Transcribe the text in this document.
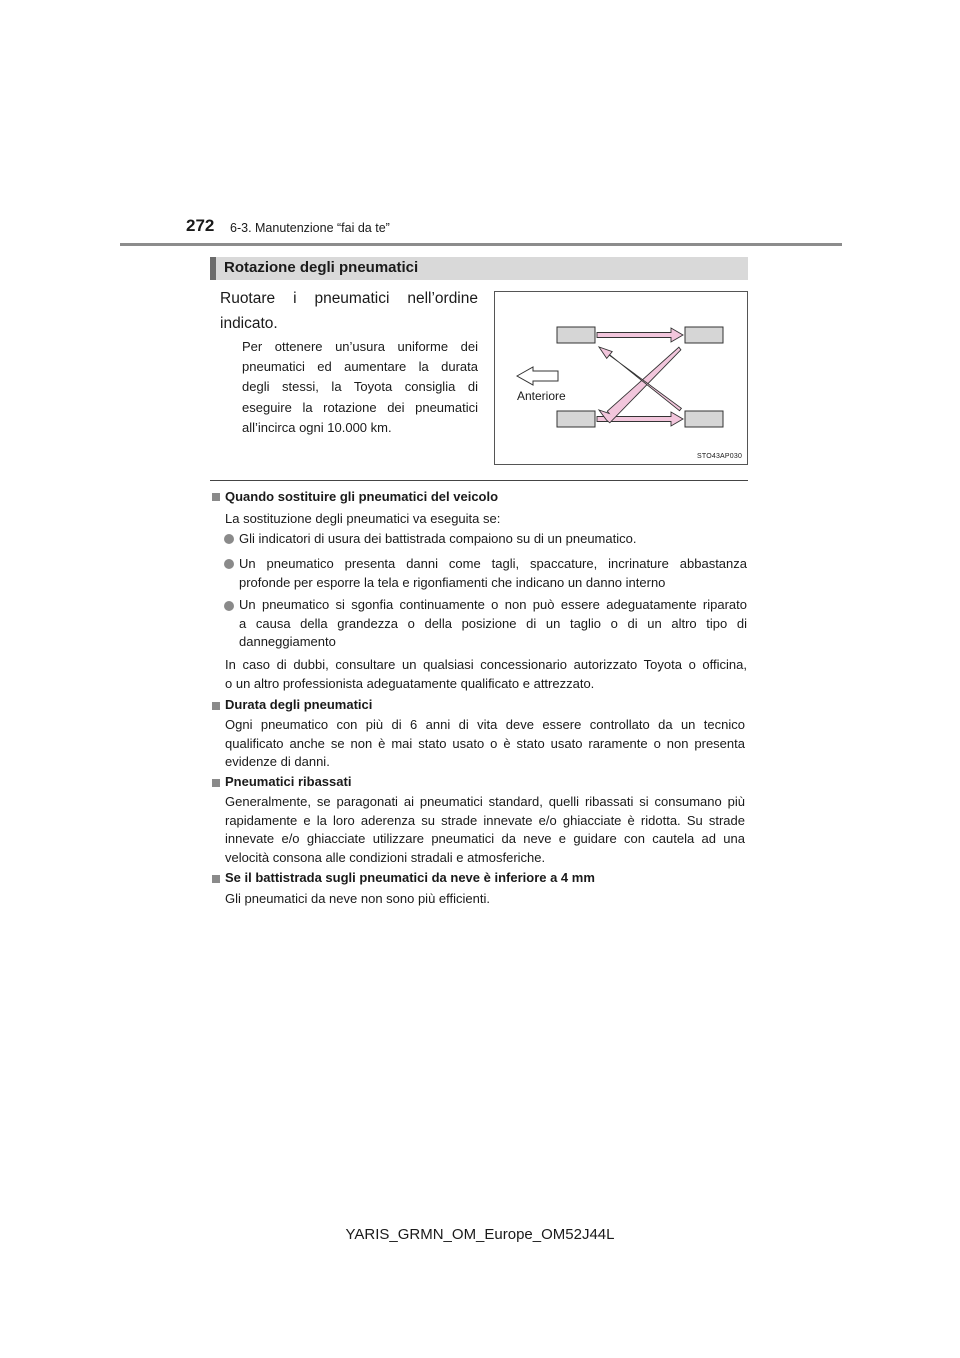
272 6-3. Manutenzione “fai da te”
Rotazione degli pneumatici
Ruotare i pneumatici nell’ordine
indicato.
Per ottenere un’usura uniforme dei
pneumatici ed aumentare la durata
degli stessi, la Toyota consiglia di
eseguire la rotazione dei pneumatici
all’incirca ogni 10.000 km.
Anteriore
STO43AP030
Quando sostituire gli pneumatici del veicolo
La sostituzione degli pneumatici va eseguita se:
Gli indicatori di usura dei battistrada compaiono su di un pneumatico.
Un pneumatico presenta danni come tagli, spaccature, incrinature abbastanza
profonde per esporre la tela e rigonfiamenti che indicano un danno interno
Un pneumatico si sgonfia continuamente o non può essere adeguatamente riparato
a causa della grandezza o della posizione di un taglio o di un altro tipo di
danneggiamento
In caso di dubbi, consultare un qualsiasi concessionario autorizzato Toyota o officina,
o un altro professionista adeguatamente qualificato e attrezzato.
Durata degli pneumatici
Ogni pneumatico con più di 6 anni di vita deve essere controllato da un tecnico
qualificato anche se non è mai stato usato o è stato usato raramente o non presenta
evidenze di danni.
Pneumatici ribassati
Generalmente, se paragonati ai pneumatici standard, quelli ribassati si consumano più
rapidamente e la loro aderenza su strade innevate e/o ghiacciate è ridotta. Su strade
innevate e/o ghiacciate utilizzare pneumatici da neve e guidare con cautela ad una
velocità consona alle condizioni stradali e atmosferiche.
Se il battistrada sugli pneumatici da neve è inferiore a 4 mm
Gli pneumatici da neve non sono più efficienti.
YARIS_GRMN_OM_Europe_OM52J44L
